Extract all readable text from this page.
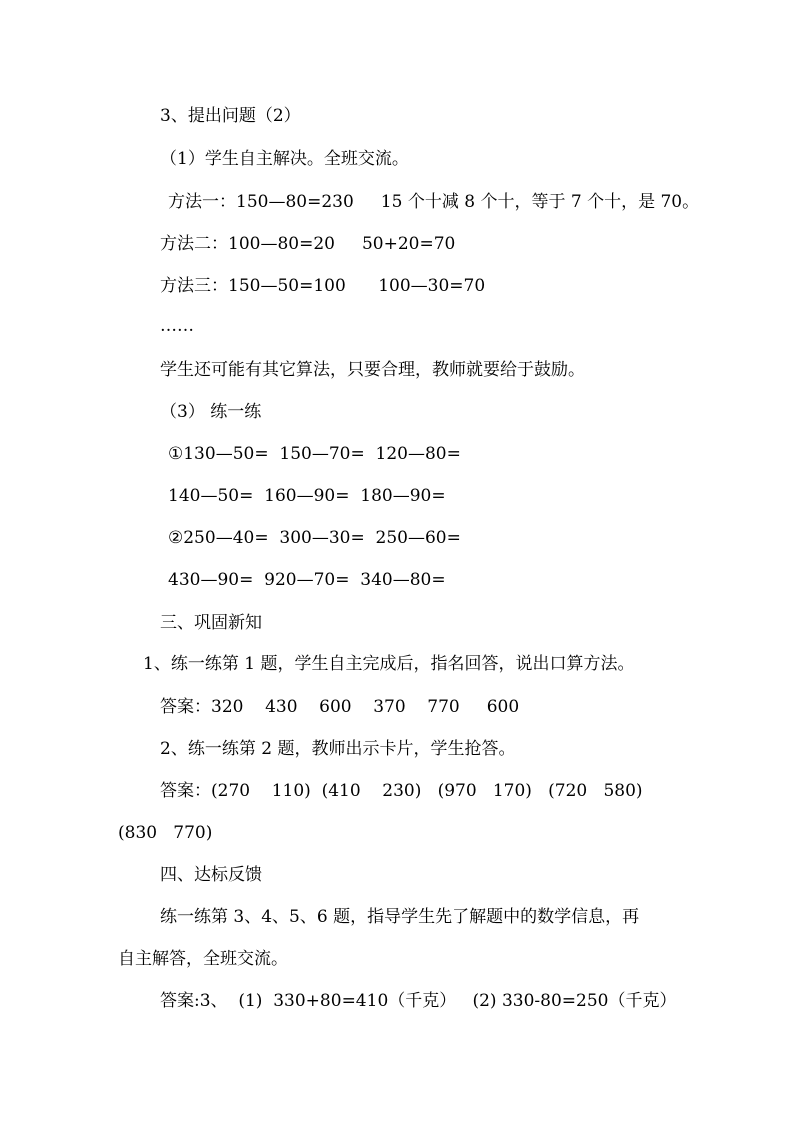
3、提出问题（2）
（1）学生自主解决。全班交流。
方法一：150—80=230     15 个十减 8 个十，等于 7 个十，是 70。
方法二：100—80=20     50+20=70
方法三：150—50=100      100—30=70
……
学生还可能有其它算法，只要合理，教师就要给于鼓励。
（3） 练一练
①130—50=  150—70=  120—80=
140—50=  160—90=  180—90=
②250—40=  300—30=  250—60=
430—90=  920—70=  340—80=
三、巩固新知
1、练一练第 1 题，学生自主完成后，指名回答，说出口算方法。
答案：320    430    600    370    770     600
2、练一练第 2 题，教师出示卡片，学生抢答。
答案：(270    110)  (410    230)   (970   170)   (720   580)
(830   770)
四、达标反馈
练一练第 3、4、5、6 题，指导学生先了解题中的数学信息，再
自主解答，全班交流。
答案:3、  (1)  330+80=410（千克）   (2) 330-80=250（千克）
